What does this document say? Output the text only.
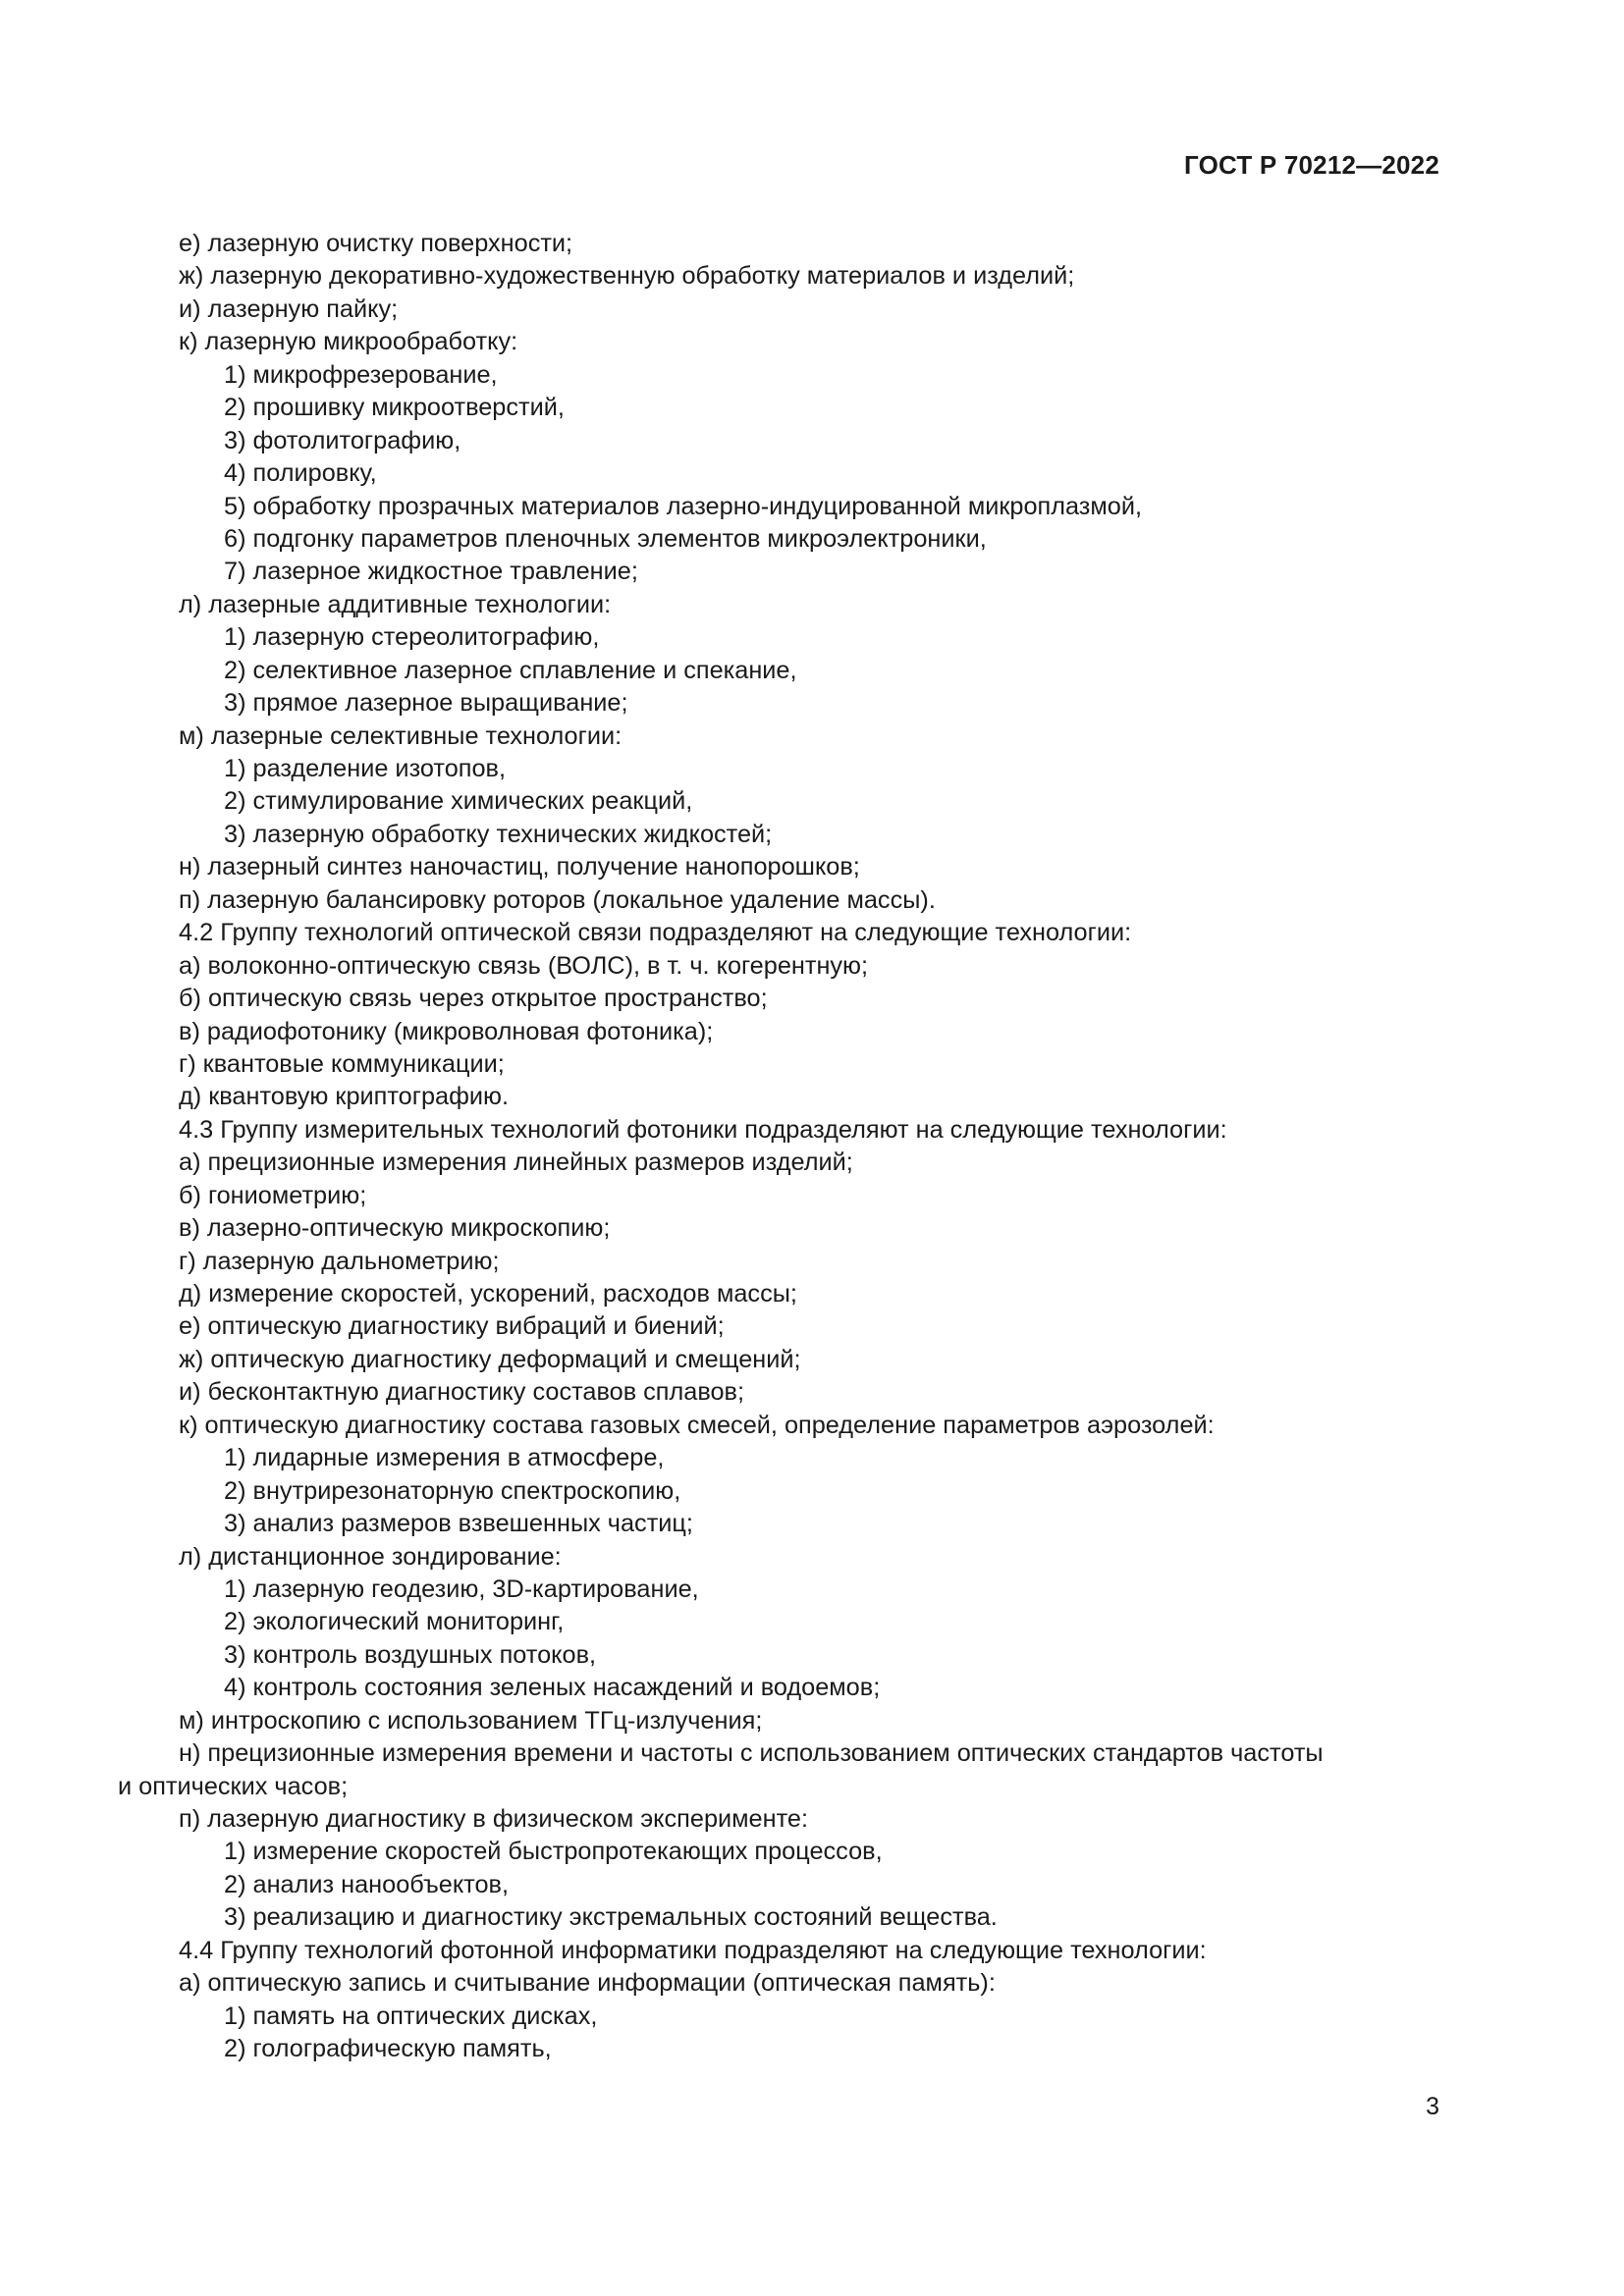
ГОСТ Р 70212—2022

е) лазерную очистку поверхности;

ж) лазерную декоративно-художественную обработку материалов и изделий;

и) лазерную пайку;

к) лазерную микрообработку:

1) микрофрезерование,

2) прошивку микроотверстий,

3) фотолитографию,

4) полировку,

5) обработку прозрачных материалов лазерно-индуцированной микроплазмой,

6) подгонку параметров пленочных элементов микроэлектроники,

7) лазерное жидкостное травление;

л) лазерные аддитивные технологии:

1) лазерную стереолитографию,

2) селективное лазерное сплавление и спекание,

3) прямое лазерное выращивание;

м) лазерные селективные технологии:

1) разделение изотопов,

2) стимулирование химических реакций,

3) лазерную обработку технических жидкостей;

н) лазерный синтез наночастиц, получение нанопорошков;

п) лазерную балансировку роторов (локальное удаление массы).

4.2 Группу технологий оптической связи подразделяют на следующие технологии:

а) волоконно-оптическую связь (ВОЛС), в т. ч. когерентную;

б) оптическую связь через открытое пространство;

в) радиофотонику (микроволновая фотоника);

г) квантовые коммуникации;

д) квантовую криптографию.

4.3 Группу измерительных технологий фотоники подразделяют на следующие технологии:

а) прецизионные измерения линейных размеров изделий;

б) гониометрию;

в) лазерно-оптическую микроскопию;

г) лазерную дальнометрию;

д) измерение скоростей, ускорений, расходов массы;

е) оптическую диагностику вибраций и биений;

ж) оптическую диагностику деформаций и смещений;

и) бесконтактную диагностику составов сплавов;

к) оптическую диагностику состава газовых смесей, определение параметров аэрозолей:

1) лидарные измерения в атмосфере,

2) внутрирезонаторную спектроскопию,

3) анализ размеров взвешенных частиц;

л) дистанционное зондирование:

1) лазерную геодезию, 3D-картирование,

2) экологический мониторинг,

3) контроль воздушных потоков,

4) контроль состояния зеленых насаждений и водоемов;

м) интроскопию с использованием ТГц-излучения;

н) прецизионные измерения времени и частоты с использованием оптических стандартов частоты

и оптических часов;

п) лазерную диагностику в физическом эксперименте:

1) измерение скоростей быстропротекающих процессов,

2) анализ нанообъектов,

3) реализацию и диагностику экстремальных состояний вещества.

4.4 Группу технологий фотонной информатики подразделяют на следующие технологии:

а) оптическую запись и считывание информации (оптическая память):

1) память на оптических дисках,

2) голографическую память,

3
